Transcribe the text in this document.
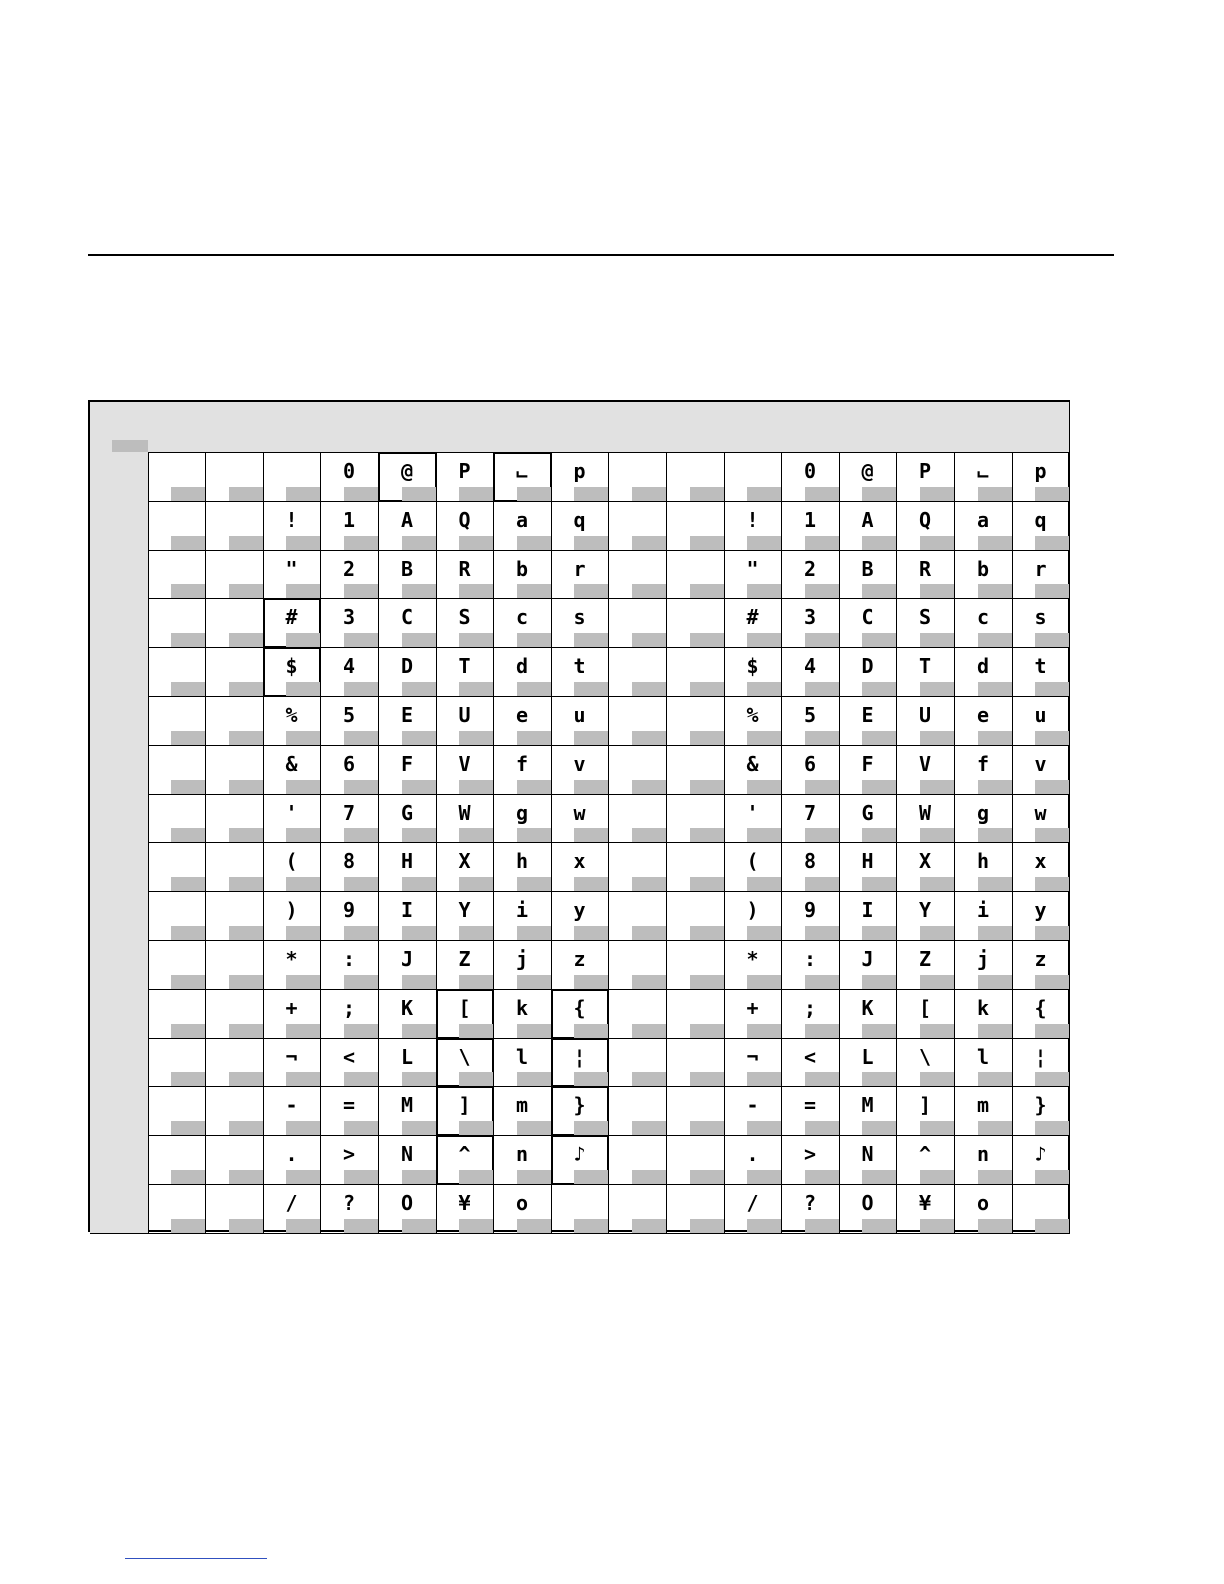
0	@	P	⨽	p	0	@	P	⨽	p
!	1	A	Q	a	q	!	1	A	Q	a	q
"	2	B	R	b	r	"	2	B	R	b	r
#	3	C	S	c	s	#	3	C	S	c	s
$	4	D	T	d	t	$	4	D	T	d	t
%	5	E	U	e	u	%	5	E	U	e	u
&	6	F	V	f	v	&	6	F	V	f	v
'	7	G	W	g	w	'	7	G	W	g	w
(	8	H	X	h	x	(	8	H	X	h	x
)	9	I	Y	i	y	)	9	I	Y	i	y
*	:	J	Z	j	z	*	:	J	Z	j	z
+	;	K	[	k	{	+	;	K	[	k	{
¬	<	L	\	l	¦	¬	<	L	\	l	¦
-	=	M	]	m	}	-	=	M	]	m	}
.	>	N	^	n	♪	.	>	N	^	n	♪
/	?	O	¥	o	/	?	O	¥	o
